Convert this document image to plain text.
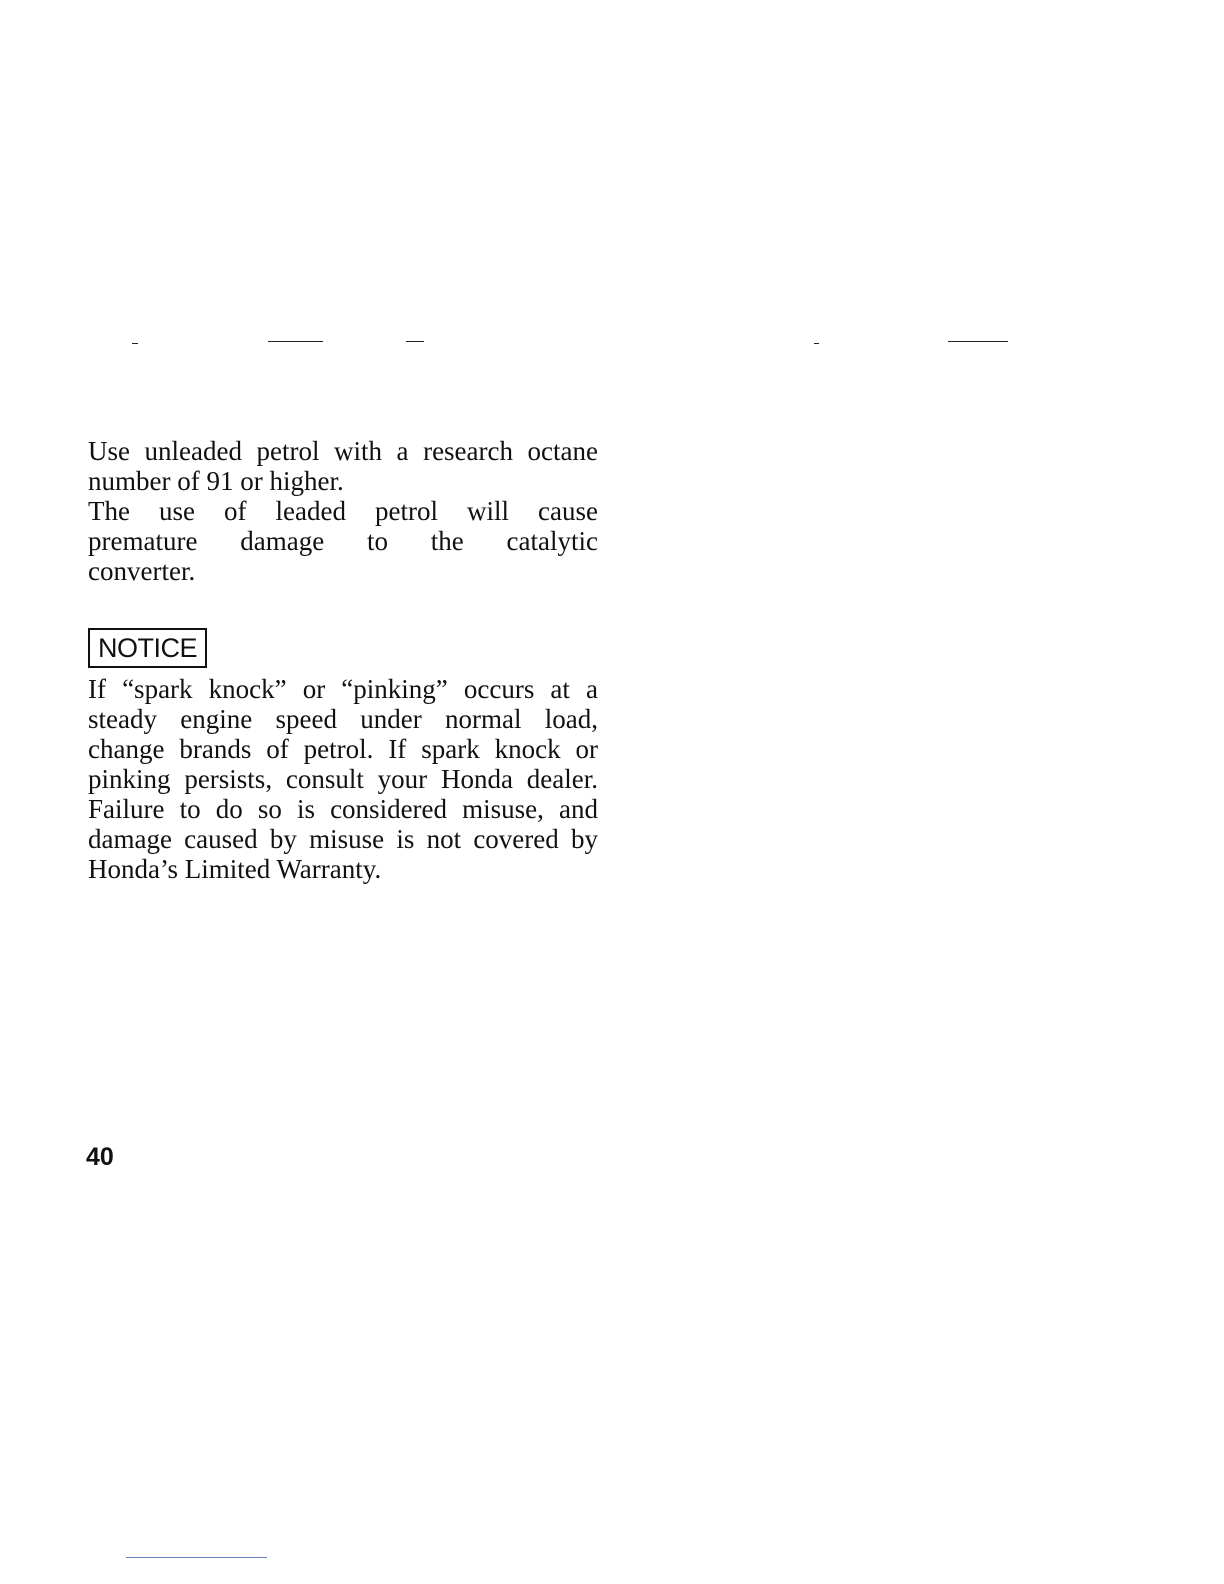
Use unleaded petrol with a research octane
number of 91 or higher.
The use of leaded petrol will cause
premature damage to the catalytic
converter.
NOTICE
If “spark knock” or “pinking” occurs at a
steady engine speed under normal load,
change brands of petrol. If spark knock or
pinking persists, consult your Honda dealer.
Failure to do so is considered misuse, and
damage caused by misuse is not covered by
Honda’s Limited Warranty.
40
